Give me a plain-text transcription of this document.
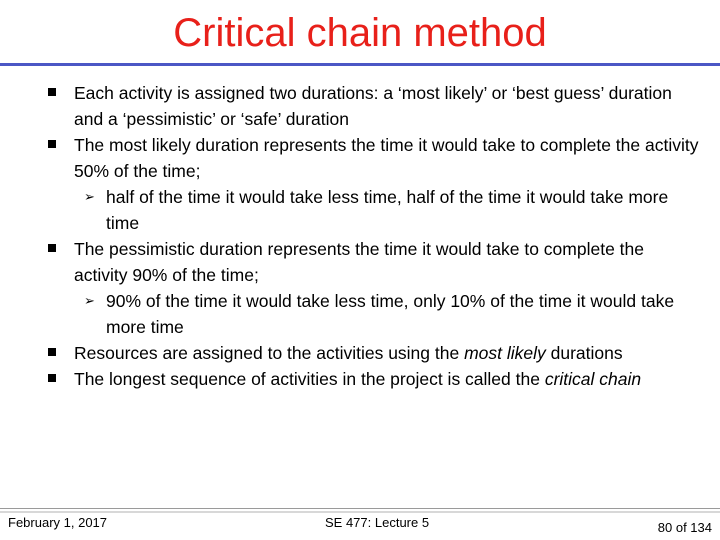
Critical chain method
Each activity is assigned two durations: a ‘most likely’ or ‘best guess’ duration and a ‘pessimistic’ or ‘safe’ duration
The most likely duration represents the time it would take to complete the activity 50% of the time;
➢ half of the time it would take less time, half of the time it would take more time
The pessimistic duration represents the time it would take to complete the activity 90% of the time;
➢ 90% of the time it would take less time, only 10% of the time it would take more time
Resources are assigned to the activities using the most likely durations
The longest sequence of activities in the project is called the critical chain
February 1, 2017	SE 477: Lecture 5	80 of 134
